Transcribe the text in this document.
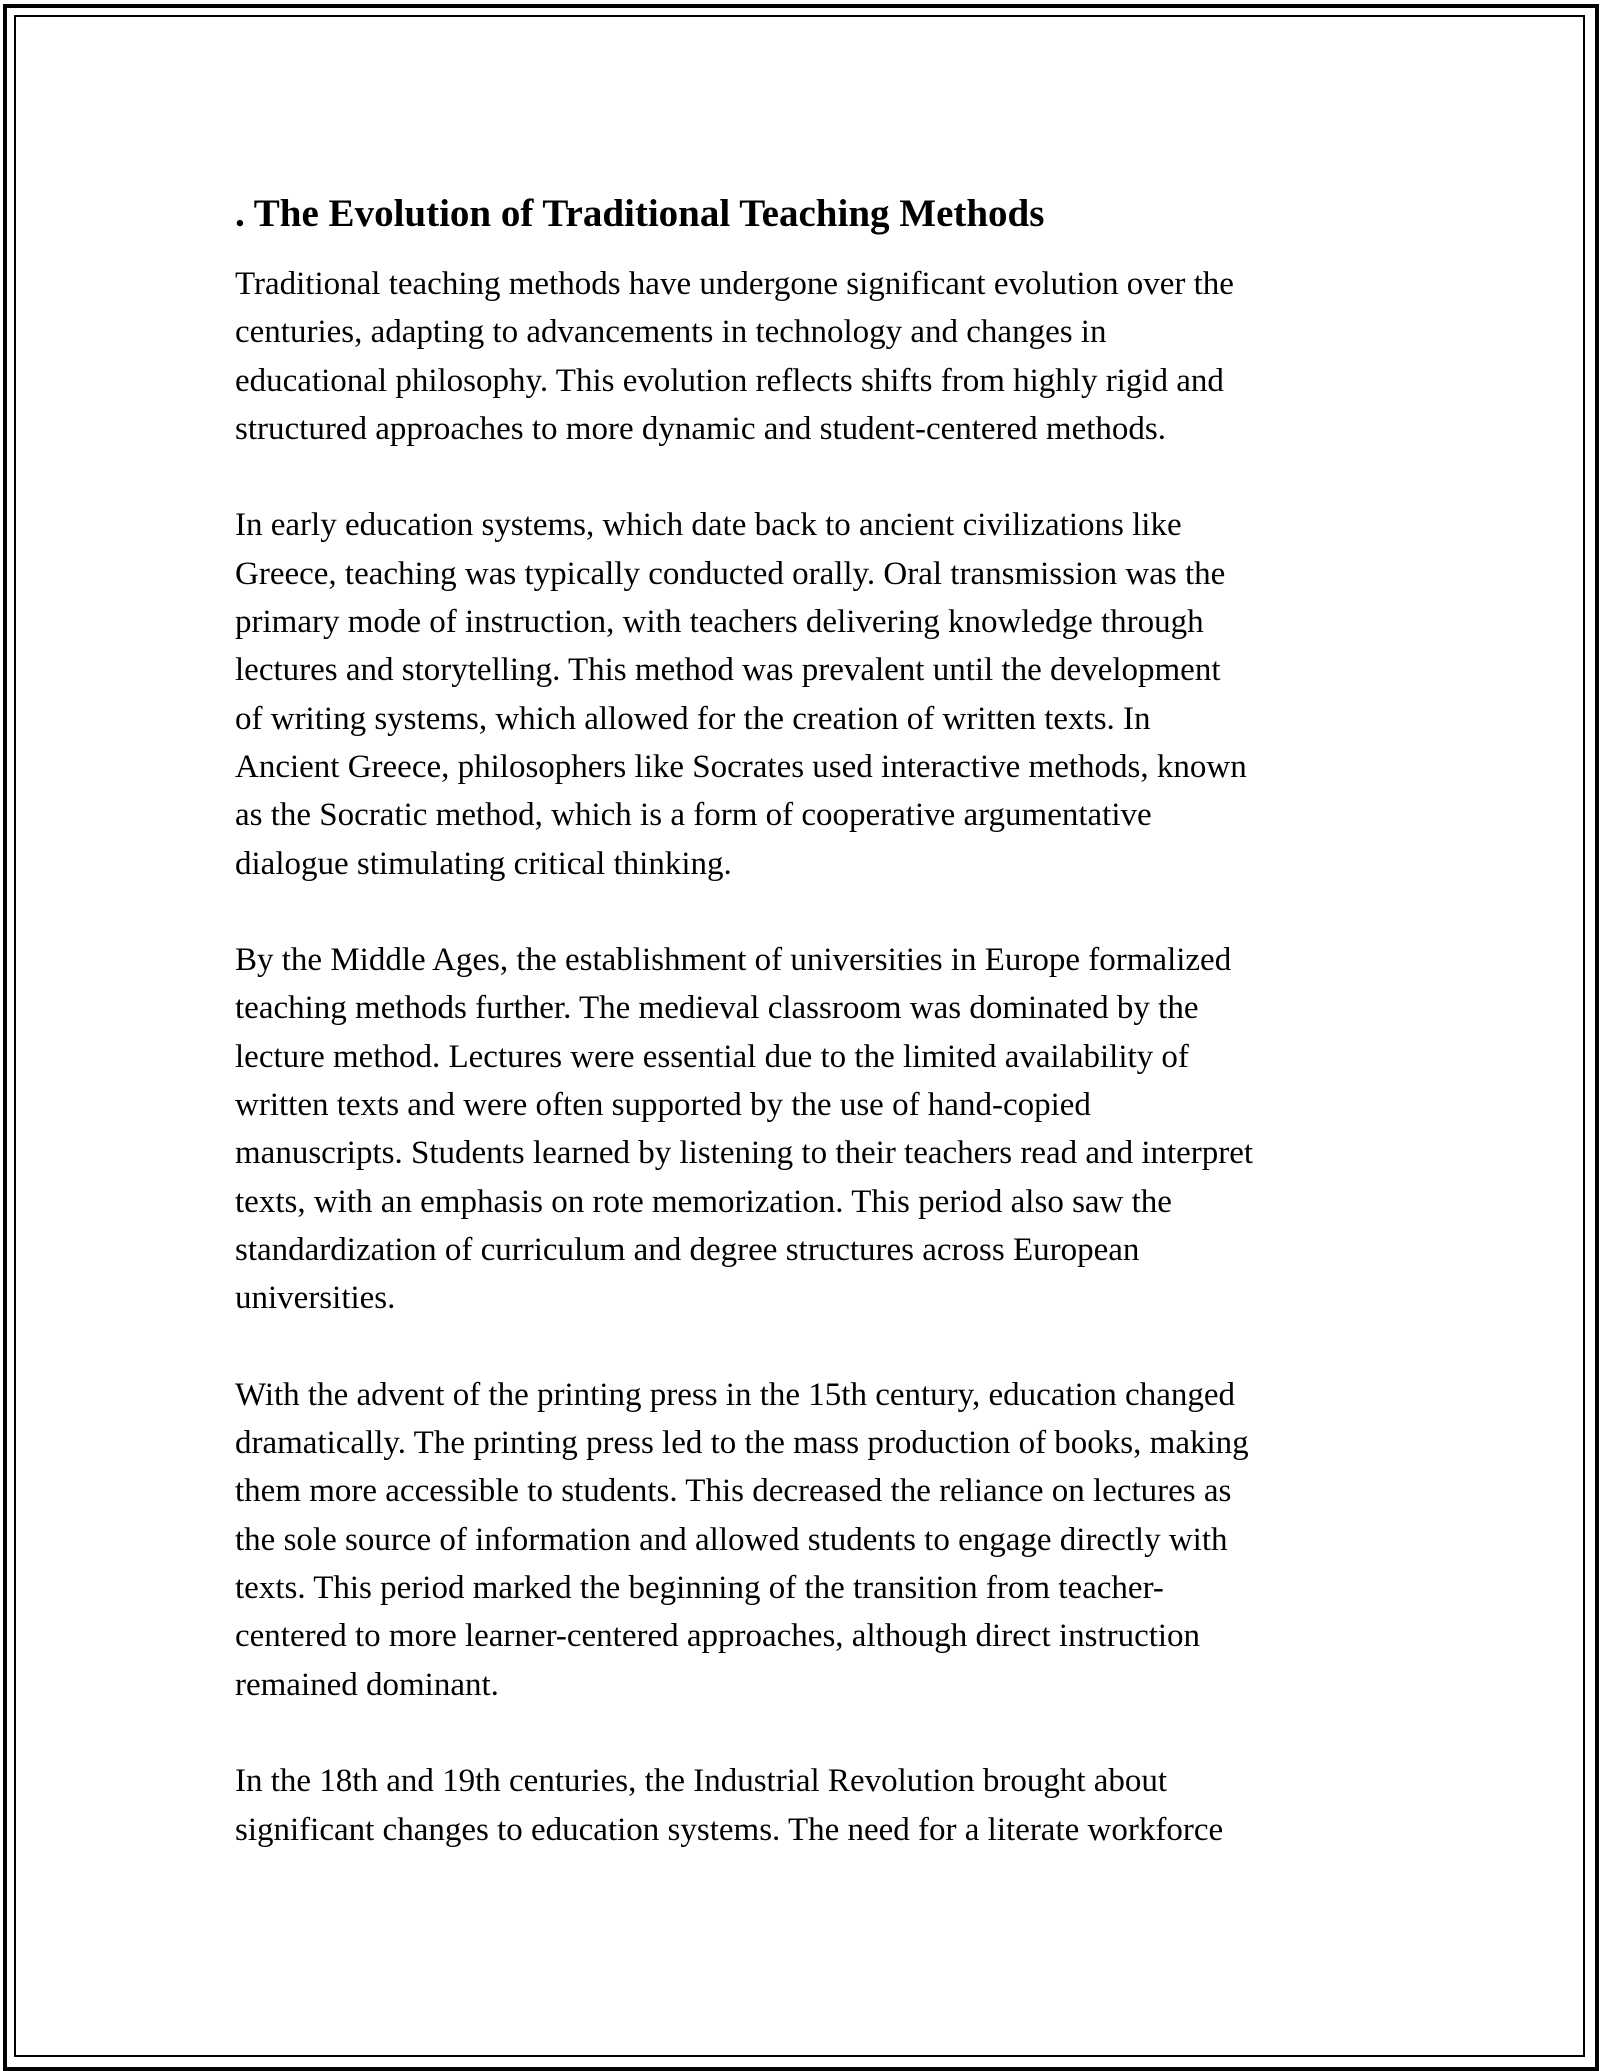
. The Evolution of Traditional Teaching Methods

Traditional teaching methods have undergone significant evolution over the
centuries, adapting to advancements in technology and changes in
educational philosophy. This evolution reflects shifts from highly rigid and
structured approaches to more dynamic and student-centered methods.

In early education systems, which date back to ancient civilizations like
Greece, teaching was typically conducted orally. Oral transmission was the
primary mode of instruction, with teachers delivering knowledge through
lectures and storytelling. This method was prevalent until the development
of writing systems, which allowed for the creation of written texts. In
Ancient Greece, philosophers like Socrates used interactive methods, known
as the Socratic method, which is a form of cooperative argumentative
dialogue stimulating critical thinking.

By the Middle Ages, the establishment of universities in Europe formalized
teaching methods further. The medieval classroom was dominated by the
lecture method. Lectures were essential due to the limited availability of
written texts and were often supported by the use of hand-copied
manuscripts. Students learned by listening to their teachers read and interpret
texts, with an emphasis on rote memorization. This period also saw the
standardization of curriculum and degree structures across European
universities.

With the advent of the printing press in the 15th century, education changed
dramatically. The printing press led to the mass production of books, making
them more accessible to students. This decreased the reliance on lectures as
the sole source of information and allowed students to engage directly with
texts. This period marked the beginning of the transition from teacher-
centered to more learner-centered approaches, although direct instruction
remained dominant.

In the 18th and 19th centuries, the Industrial Revolution brought about
significant changes to education systems. The need for a literate workforce
